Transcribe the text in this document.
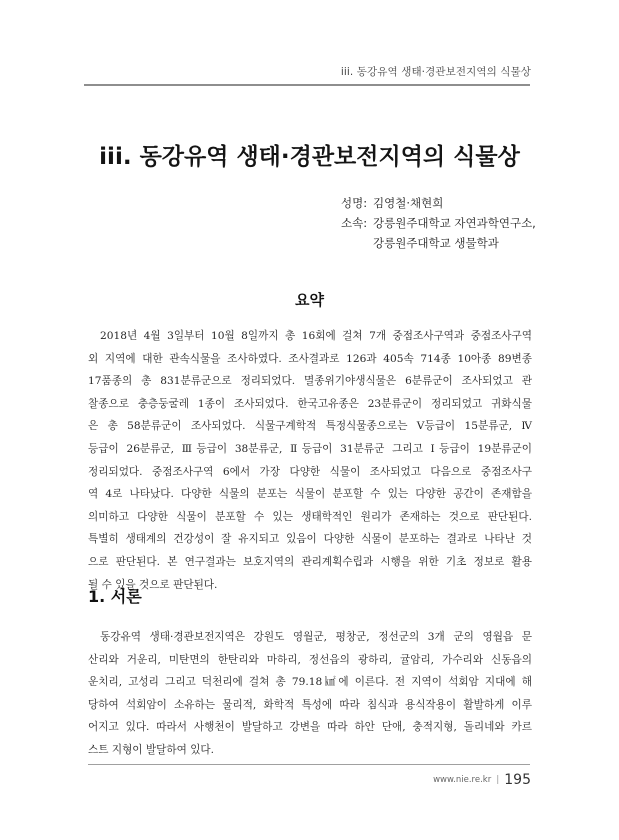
iii. 동강유역 생태·경관보전지역의 식물상
iii. 동강유역 생태·경관보전지역의 식물상
성명: 김영철·채현희
소속: 강릉원주대학교 자연과학연구소,
강릉원주대학교 생물학과
요약
2018년 4월 3일부터 10월 8일까지 총 16회에 걸쳐 7개 중점조사구역과 중점조사구역
외 지역에 대한 관속식물을 조사하였다. 조사결과로 126과 405속 714종 10아종 89변종
17품종의 총 831분류군으로 정리되었다. 멸종위기야생식물은 6분류군이 조사되었고 관
찰종으로 충층둥굴레 1종이 조사되었다. 한국고유종은 23분류군이 정리되었고 귀화식물
은 총 58분류군이 조사되었다. 식물구계학적 특정식물종으로는 V등급이 15분류군, Ⅳ
등급이 26분류군, Ⅲ등급이 38분류군, Ⅱ등급이 31분류군 그리고 Ⅰ등급이 19분류군이
정리되었다. 중점조사구역 6에서 가장 다양한 식물이 조사되었고 다음으로 중점조사구
역 4로 나타났다. 다양한 식물의 분포는 식물이 분포할 수 있는 다양한 공간이 존재함을
의미하고 다양한 식물이 분포할 수 있는 생태학적인 원리가 존재하는 것으로 판단된다.
특별히 생태계의 건강성이 잘 유지되고 있음이 다양한 식물이 분포하는 결과로 나타난 것
으로 판단된다. 본 연구결과는 보호지역의 관리계획수립과 시행을 위한 기초 정보로 활용
될 수 있을 것으로 판단된다.
1. 서론
동강유역 생태·경관보전지역은 강원도 영월군, 평창군, 정선군의 3개 군의 영월읍 문
산리와 거운리, 미탄면의 한탄리와 마하리, 정선읍의 광하리, 귤암리, 가수리와 신동읍의
운치리, 고성리 그리고 덕천리에 걸쳐 총 79.18㎢에 이른다. 전 지역이 석회암 지대에 해
당하여 석회암이 소유하는 물리적, 화학적 특성에 따라 침식과 용식작용이 활발하게 이루
어지고 있다. 따라서 사행천이 발달하고 강변을 따라 하안 단애, 충적지형, 돌리네와 카르
스트 지형이 발달하여 있다.
www.nie.re.kr | 195
